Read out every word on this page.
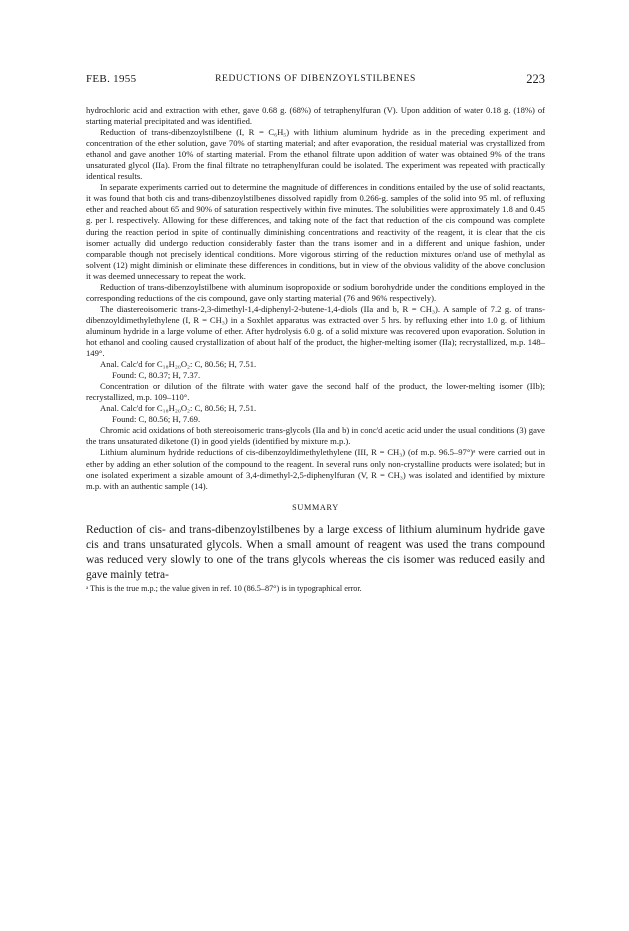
FEB. 1955	REDUCTIONS OF DIBENZOYLSTILBENES	223

hydrochloric acid and extraction with ether, gave 0.68 g. (68%) of tetraphenylfuran (V). Upon addition of water 0.18 g. (18%) of starting material precipitated and was identified.

Reduction of trans-dibenzoylstilbene (I, R = C₆H₅) with lithium aluminum hydride as in the preceding experiment and concentration of the ether solution, gave 70% of starting material; and after evaporation, the residual material was crystallized from ethanol and gave another 10% of starting material. From the ethanol filtrate upon addition of water was obtained 9% of the trans unsaturated glycol (IIa). From the final filtrate no tetraphenylfuran could be isolated. The experiment was repeated with practically identical results.

In separate experiments carried out to determine the magnitude of differences in conditions entailed by the use of solid reactants, it was found that both cis and trans-dibenzoylstilbenes dissolved rapidly from 0.266-g. samples of the solid into 95 ml. of refluxing ether and reached about 65 and 90% of saturation respectively within five minutes. The solubilities were approximately 1.8 and 0.45 g. per l. respectively. Allowing for these differences, and taking note of the fact that reduction of the cis compound was complete during the reaction period in spite of continually diminishing concentrations and reactivity of the reagent, it is clear that the cis isomer actually did undergo reduction considerably faster than the trans isomer and in a different and unique fashion, under comparable though not precisely identical conditions. More vigorous stirring of the reduction mixtures or/and use of methylal as solvent (12) might diminish or eliminate these differences in conditions, but in view of the obvious validity of the above conclusion it was deemed unnecessary to repeat the work.

Reduction of trans-dibenzoylstilbene with aluminum isopropoxide or sodium borohydride under the conditions employed in the corresponding reductions of the cis compound, gave only starting material (76 and 96% respectively).

The diastereoisomeric trans-2,3-dimethyl-1,4-diphenyl-2-butene-1,4-diols (IIa and b, R = CH₃). A sample of 7.2 g. of trans-dibenzoyldimethylethylene (I, R = CH₃) in a Soxhlet apparatus was extracted over 5 hrs. by refluxing ether into 1.0 g. of lithium aluminum hydride in a large volume of ether. After hydrolysis 6.0 g. of a solid mixture was recovered upon evaporation. Solution in hot ethanol and cooling caused crystallization of about half of the product, the higher-melting isomer (IIa); recrystallized, m.p. 148–149°.

Anal. Calc'd for C₁₈H₂₀O₂: C, 80.56; H, 7.51.

Found: C, 80.37; H, 7.37.

Concentration or dilution of the filtrate with water gave the second half of the product, the lower-melting isomer (IIb); recrystallized, m.p. 109–110°.

Anal. Calc'd for C₁₈H₂₀O₂: C, 80.56; H, 7.51.

Found: C, 80.56; H, 7.69.

Chromic acid oxidations of both stereoisomeric trans-glycols (IIa and b) in conc'd acetic acid under the usual conditions (3) gave the trans unsaturated diketone (I) in good yields (identified by mixture m.p.).

Lithium aluminum hydride reductions of cis-dibenzoyldimethylethylene (III, R = CH₃) (of m.p. 96.5–97°)ᵃ were carried out in ether by adding an ether solution of the compound to the reagent. In several runs only non-crystalline products were isolated; but in one isolated experiment a sizable amount of 3,4-dimethyl-2,5-diphenylfuran (V, R = CH₃) was isolated and identified by mixture m.p. with an authentic sample (14).

SUMMARY

Reduction of cis- and trans-dibenzoylstilbenes by a large excess of lithium aluminum hydride gave cis and trans unsaturated glycols. When a small amount of reagent was used the trans compound was reduced very slowly to one of the trans glycols whereas the cis isomer was reduced easily and gave mainly tetra-

ᵃ This is the true m.p.; the value given in ref. 10 (86.5–87°) is in typographical error.
